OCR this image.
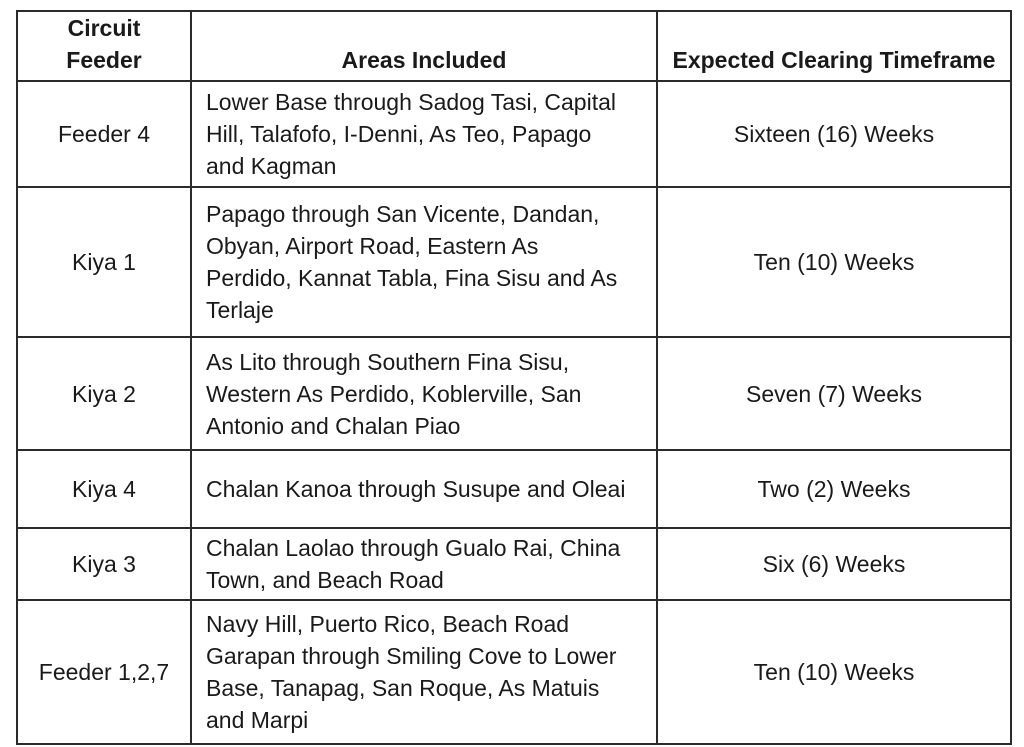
Circuit
Feeder	Areas Included	Expected Clearing Timeframe
Feeder 4	Lower Base through Sadog Tasi, Capital
Hill, Talafofo, I-Denni, As Teo, Papago
and Kagman	Sixteen (16) Weeks
Kiya 1	Papago through San Vicente, Dandan,
Obyan, Airport Road, Eastern As
Perdido, Kannat Tabla, Fina Sisu and As
Terlaje	Ten (10) Weeks
Kiya 2	As Lito through Southern Fina Sisu,
Western As Perdido, Koblerville, San
Antonio and Chalan Piao	Seven (7) Weeks
Kiya 4	Chalan Kanoa through Susupe and Oleai	Two (2) Weeks
Kiya 3	Chalan Laolao through Gualo Rai, China
Town, and Beach Road	Six (6) Weeks
Feeder 1,2,7	Navy Hill, Puerto Rico, Beach Road
Garapan through Smiling Cove to Lower
Base, Tanapag, San Roque, As Matuis
and Marpi	Ten (10) Weeks
